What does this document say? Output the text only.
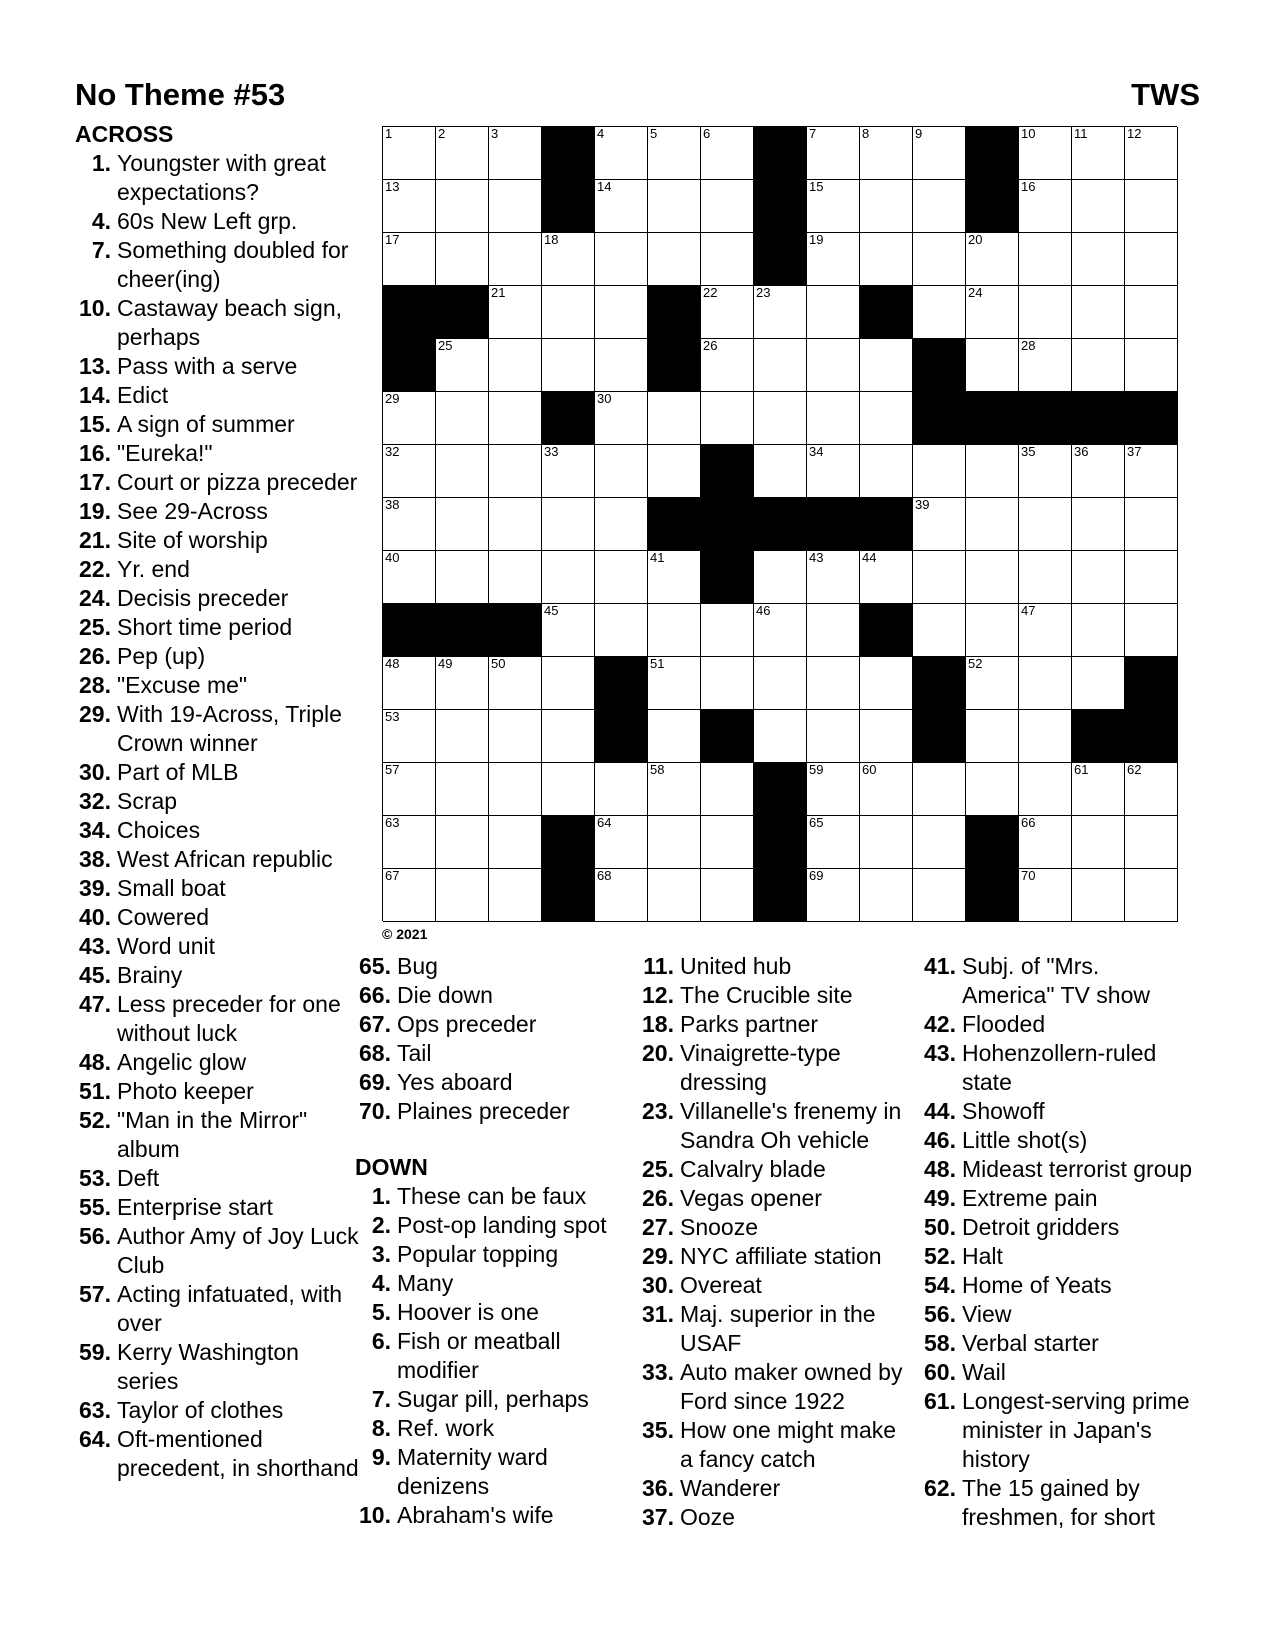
No Theme #53	TWS
1	2	3	4	5	6	7	8	9	10	11	12
13	14	15	16
17	18	19	20
21	22	23	24
25	26	28
29	30
32	33	34	35	36	37
38	39
40	41	43	44
45	46	47
48	49	50	51	52
53
57	58	59	60	61	62
63	64	65	66
67	68	69	70
© 2021
ACROSS
1. Youngster with great expectations?
4. 60s New Left grp.
7. Something doubled for cheer(ing)
10. Castaway beach sign, perhaps
13. Pass with a serve
14. Edict
15. A sign of summer
16. "Eureka!"
17. Court or pizza preceder
19. See 29-Across
21. Site of worship
22. Yr. end
24. Decisis preceder
25. Short time period
26. Pep (up)
28. "Excuse me"
29. With 19-Across, Triple Crown winner
30. Part of MLB
32. Scrap
34. Choices
38. West African republic
39. Small boat
40. Cowered
43. Word unit
45. Brainy
47. Less preceder for one without luck
48. Angelic glow
51. Photo keeper
52. "Man in the Mirror" album
53. Deft
55. Enterprise start
56. Author Amy of Joy Luck Club
57. Acting infatuated, with over
59. Kerry Washington series
63. Taylor of clothes
64. Oft-mentioned precedent, in shorthand
65. Bug
66. Die down
67. Ops preceder
68. Tail
69. Yes aboard
70. Plaines preceder
DOWN
1. These can be faux
2. Post-op landing spot
3. Popular topping
4. Many
5. Hoover is one
6. Fish or meatball modifier
7. Sugar pill, perhaps
8. Ref. work
9. Maternity ward denizens
10. Abraham's wife
11. United hub
12. The Crucible site
18. Parks partner
20. Vinaigrette-type dressing
23. Villanelle's frenemy in Sandra Oh vehicle
25. Calvalry blade
26. Vegas opener
27. Snooze
29. NYC affiliate station
30. Overeat
31. Maj. superior in the USAF
33. Auto maker owned by Ford since 1922
35. How one might make a fancy catch
36. Wanderer
37. Ooze
41. Subj. of "Mrs. America" TV show
42. Flooded
43. Hohenzollern-ruled state
44. Showoff
46. Little shot(s)
48. Mideast terrorist group
49. Extreme pain
50. Detroit gridders
52. Halt
54. Home of Yeats
56. View
58. Verbal starter
60. Wail
61. Longest-serving prime minister in Japan's history
62. The 15 gained by freshmen, for short
